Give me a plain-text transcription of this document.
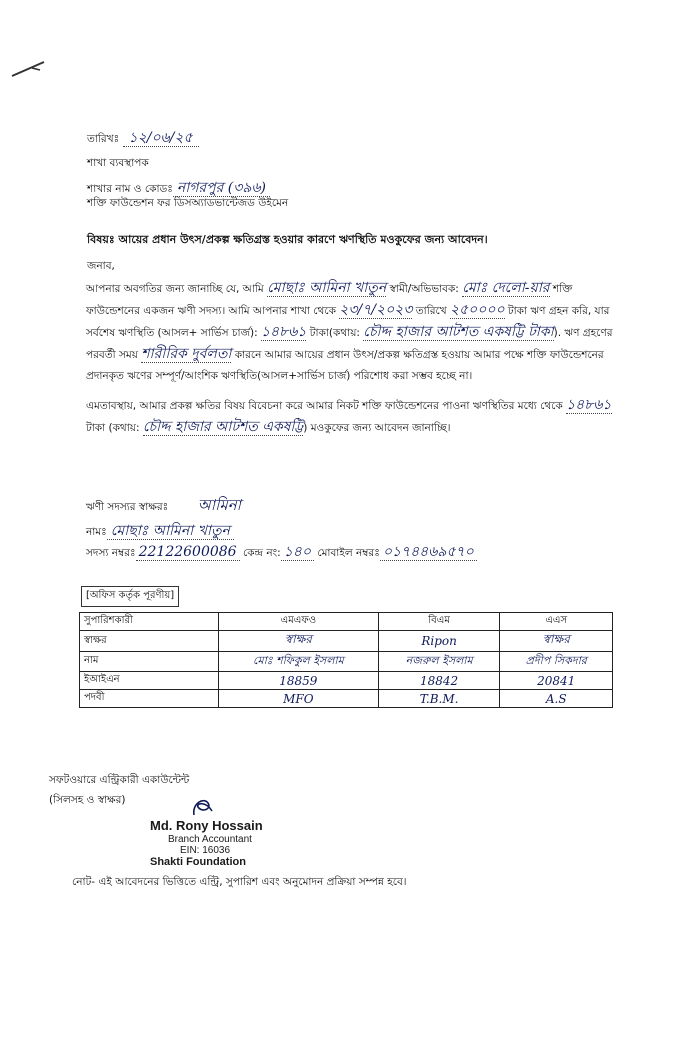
তারিখঃ ১২/০৬/২৫
শাখা ব্যবস্থাপক
শাখার নাম ও কোডঃ নাগরপুর (৩৯৬)
শক্তি ফাউন্ডেশন ফর ডিসঅ্যাডভান্টেজড উইমেন
বিষয়ঃ আয়ের প্রধান উৎস/প্রকল্প ক্ষতিগ্রস্ত হওয়ার কারণে ঋণস্থিতি মওকুফের জন্য আবেদন।
জনাব,
আপনার অবগতির জন্য জানাচ্ছি যে, আমি মোছাঃ আমিনা খাতুন স্বামী/অভিভাবক: মোঃ দেলো-য়ার শক্তি ফাউন্ডেশনের একজন ঋণী সদস্য। আমি আপনার শাখা থেকে ২৩/৭/২০২৩ তারিখে ২৫০০০০ টাকা ঋণ গ্রহন করি, যার সর্বশেষ ঋণস্থিতি (আসল+ সার্ভিস চার্জ): ১৪৮৬১ টাকা(কথায়: চৌদ্দ হাজার আটশত একষট্টি টাকা). ঋণ গ্রহণের পরবর্তী সময় শারীরিক দুর্বলতা কারনে আমার আয়ের প্রধান উৎস/প্রকল্প ক্ষতিগ্রস্ত হওয়ায় আমার পক্ষে শক্তি ফাউন্ডেশনের প্রদানকৃত ঋণের সম্পূর্ণ/আংশিক ঋণস্থিতি(আসল+সার্ভিস চার্জ) পরিশোধ করা সম্ভব হচ্ছে না।
এমতাবস্থায়, আমার প্রকল্প ক্ষতির বিষয় বিবেচনা করে আমার নিকট শক্তি ফাউন্ডেশনের পাওনা ঋণস্থিতির মধ্যে থেকে ১৪৮৬১ টাকা (কথায়: চৌদ্দ হাজার আটশত একষট্টি) মওকুফের জন্য আবেদন জানাচ্ছি।
ঋণী সদস্যর স্বাক্ষরঃ আমিনা
নামঃ মোছাঃ আমিনা খাতুন
সদস্য নম্বরঃ 22122600086 কেন্দ্র নং: ১৪০ মোবাইল নম্বরঃ ০১৭৪৪৬৯৫৭০
[অফিস কর্তৃক পূরণীয়]
সুপারিশকারী	এমএফও	বিএম	এএস
স্বাক্ষর	স্বাক্ষর	Ripon	স্বাক্ষর
নাম	মোঃ শফিকুল ইসলাম	নজরুল ইসলাম	প্রদীপ সিকদার
ইআইএন	18859	18842	20841
পদবী	MFO	T.B.M.	A.S
সফটওয়ারে এন্ট্রিকারী একাউন্টেন্ট
(সিলসহ ও স্বাক্ষর)
Md. Rony Hossain
Branch Accountant
EIN: 16036
Shakti Foundation
নোট- এই আবেদনের ভিত্তিতে এন্ট্রি, সুপারিশ এবং অনুমোদন প্রক্রিয়া সম্পন্ন হবে।
